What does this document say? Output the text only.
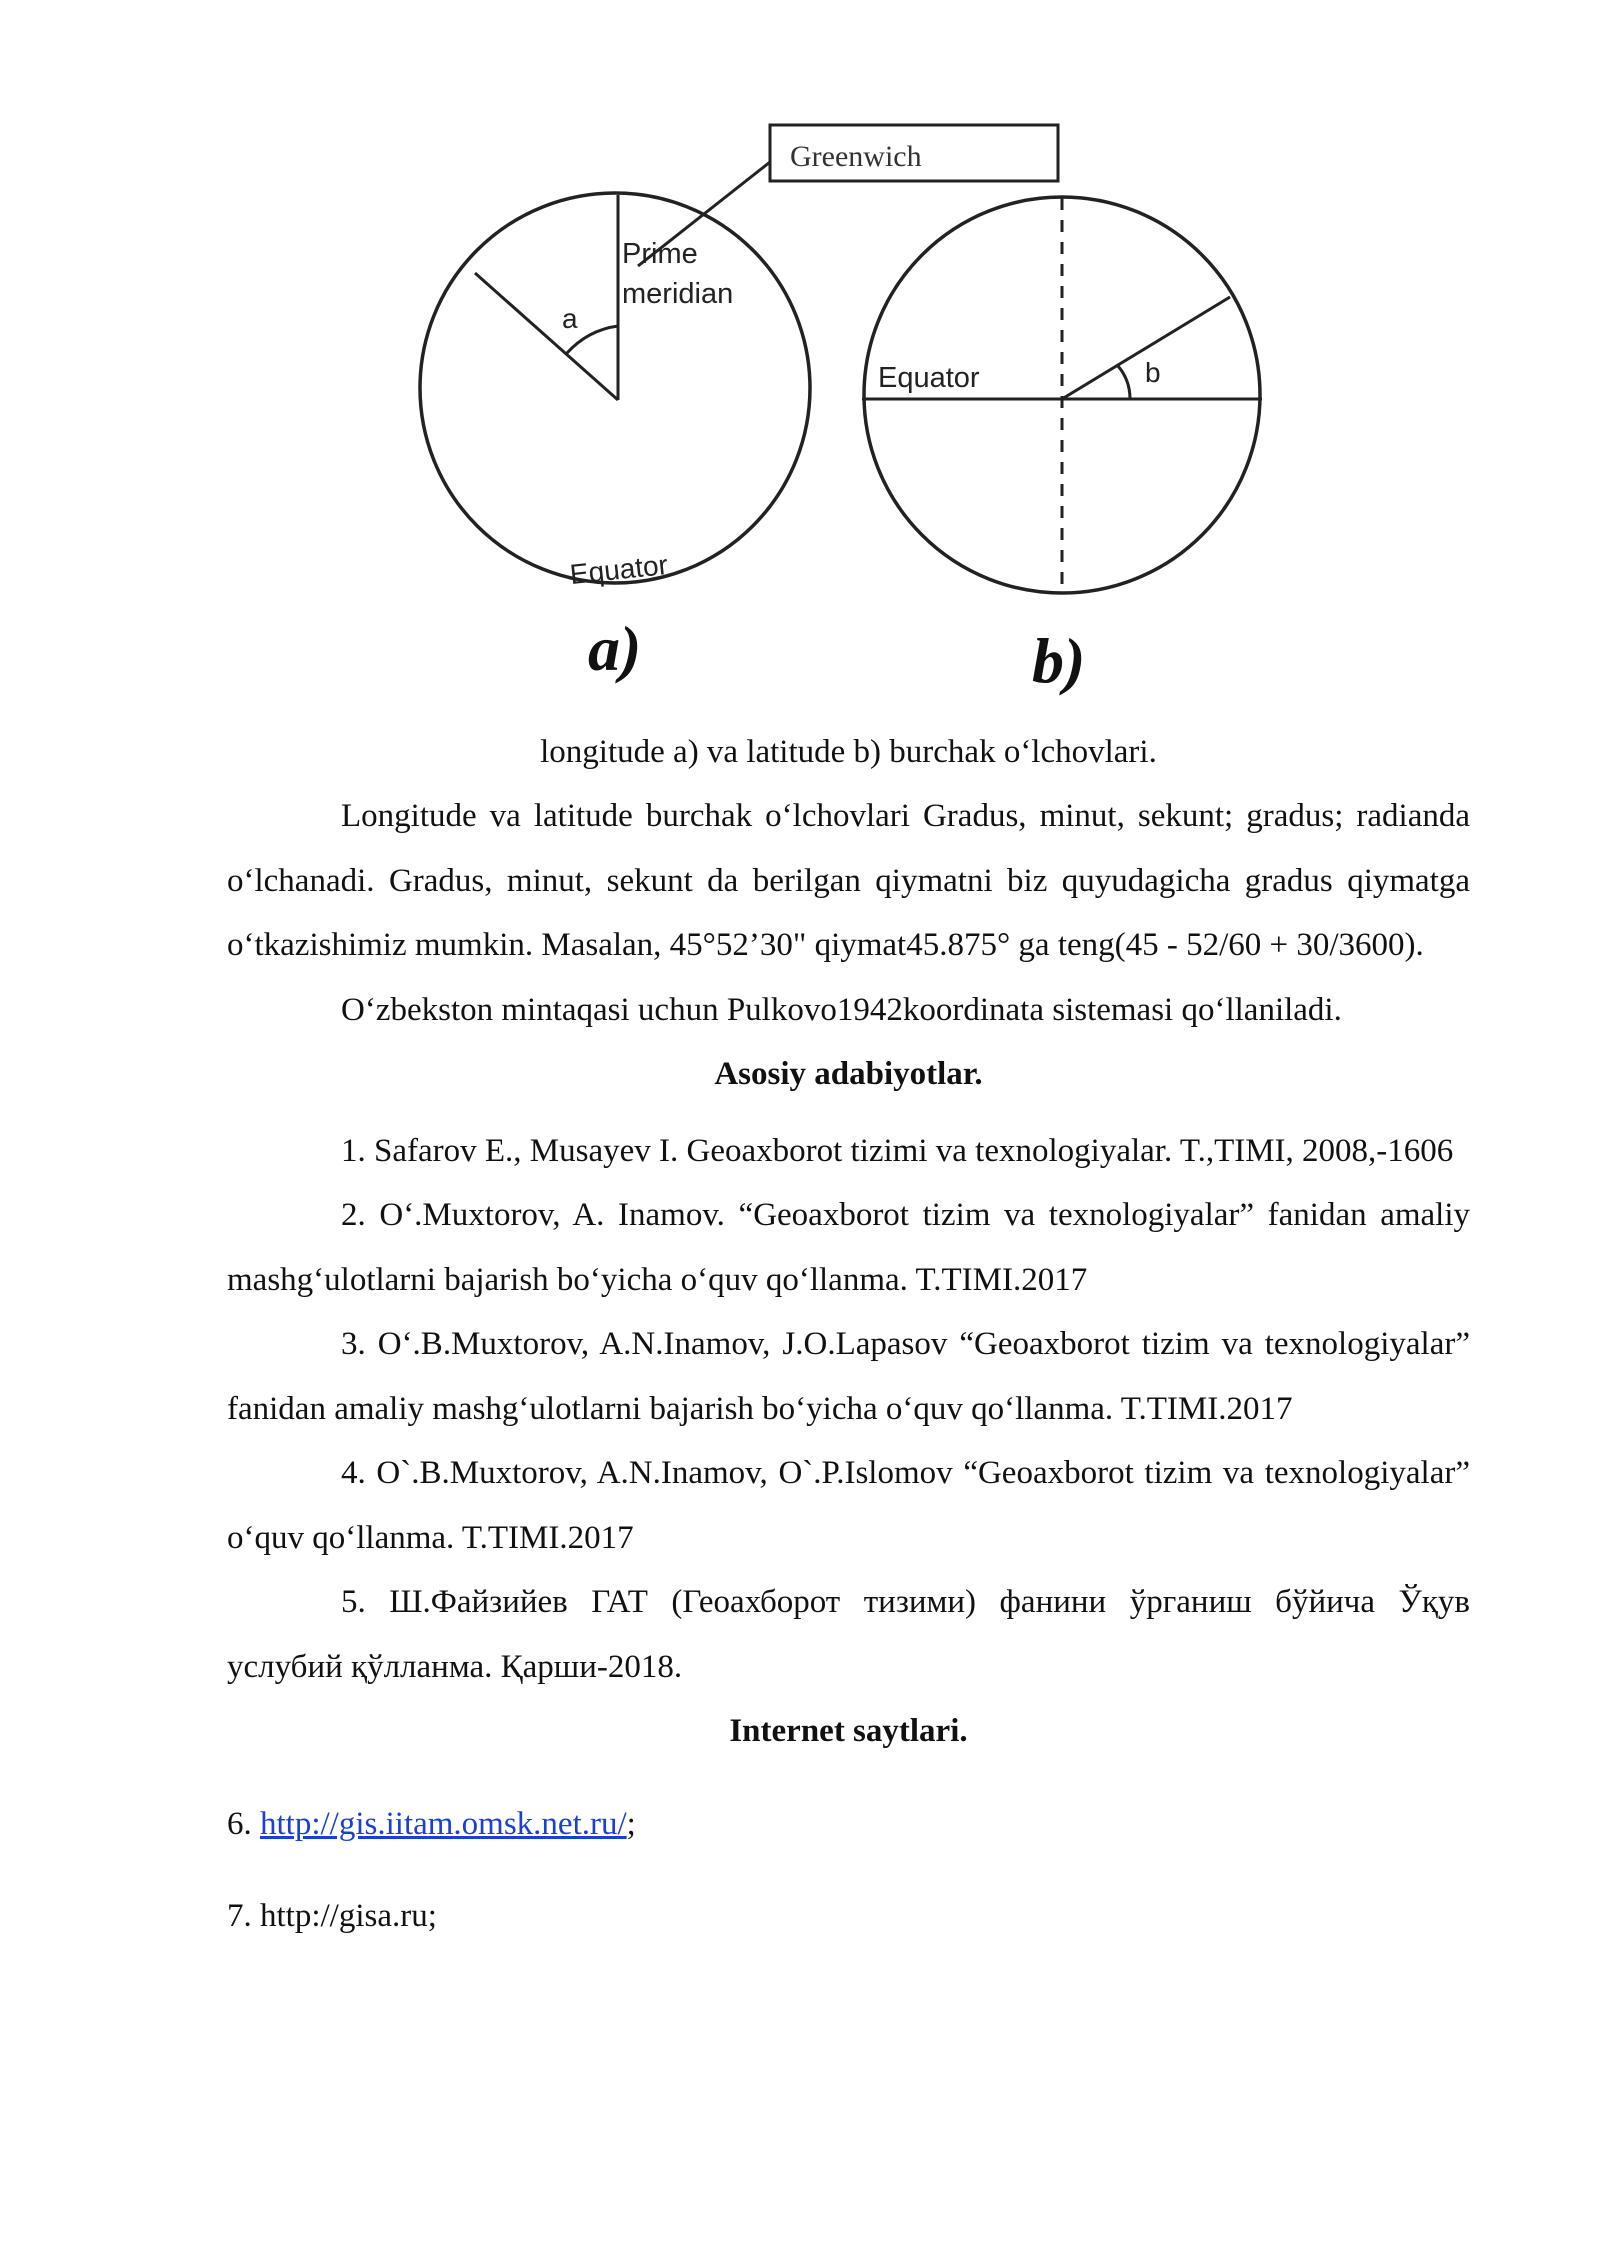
Greenwich
a
Prime
meridian
Equator
a)
Equator	b
b)
longitude a) va latitude b) burchak o‘lchovlari.

Longitude va latitude burchak o‘lchovlari Gradus, minut, sekunt; gradus; radianda o‘lchanadi. Gradus, minut, sekunt da berilgan qiymatni biz quyudagicha gradus qiymatga o‘tkazishimiz mumkin. Masalan, 45°52’30" qiymat45.875° ga teng(45 - 52/60 + 30/3600).

O‘zbekston mintaqasi uchun Pulkovo1942koordinata sistemasi qo‘llaniladi.

Asosiy adabiyotlar.

1. Safarov E., Musayev I. Geoaxborot tizimi va texnologiyalar. T.,TIMI, 2008,-1606

2. O‘.Muxtorov, A. Inamov. “Geoaxborot tizim va texnologiyalar” fanidan amaliy mashg‘ulotlarni bajarish bo‘yicha o‘quv qo‘llanma. T.TIMI.2017

3. O‘.B.Muxtorov, A.N.Inamov, J.O.Lapasov “Geoaxborot tizim va texnologiyalar” fanidan amaliy mashg‘ulotlarni bajarish bo‘yicha o‘quv qo‘llanma. T.TIMI.2017

4. O`.B.Muxtorov, A.N.Inamov, O`.P.Islomov “Geoaxborot tizim va texnologiyalar” o‘quv qo‘llanma. T.TIMI.2017

5. Ш.Файзийев ГАТ (Геоахборот тизими) фанини ўрганиш бўйича Ўқув услубий қўлланма. Қарши-2018.

Internet saytlari.

6. http://gis.iitam.omsk.net.ru/;

7. http://gisa.ru;
